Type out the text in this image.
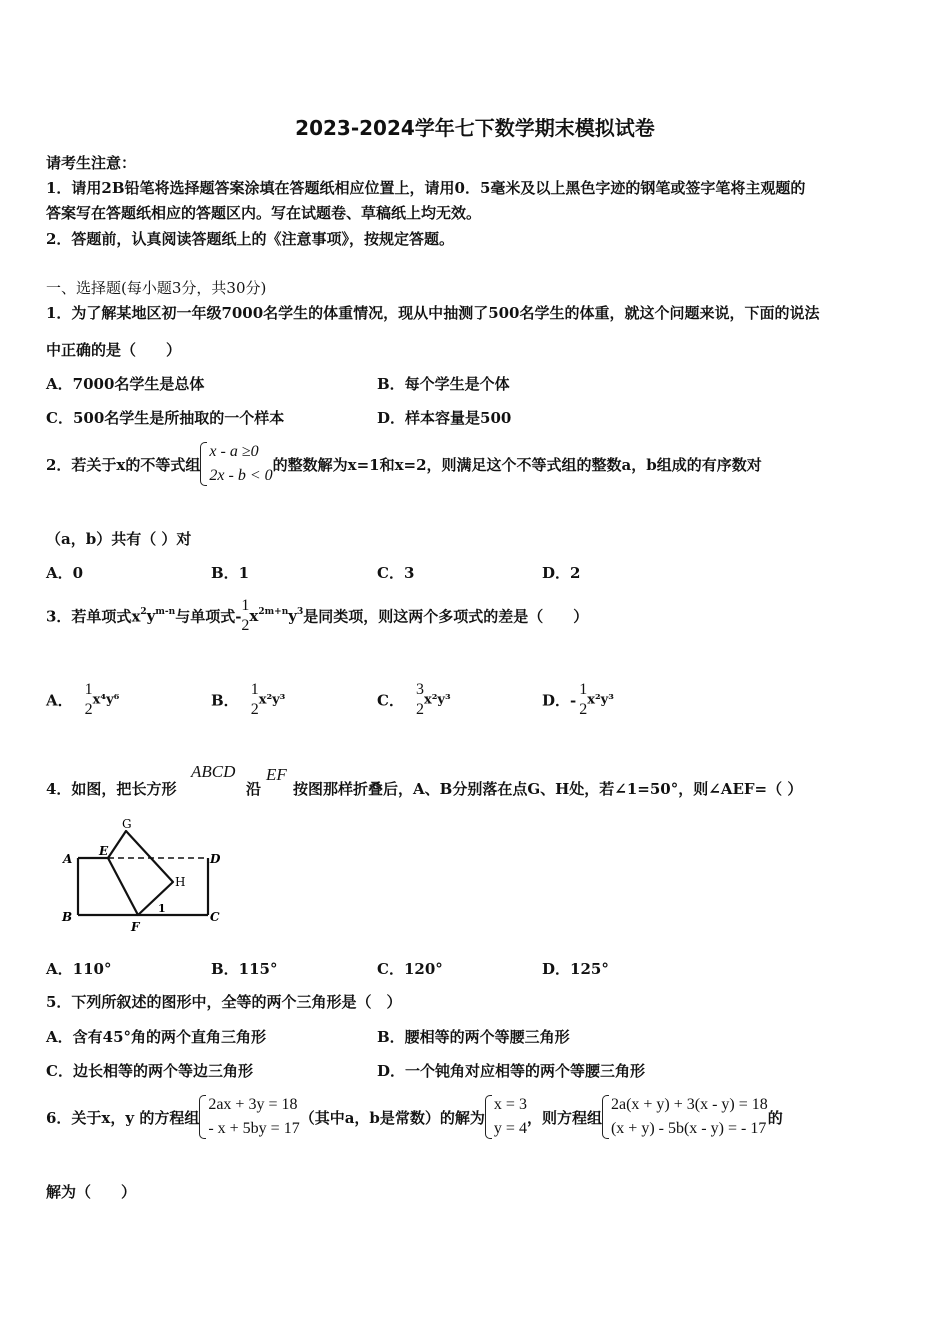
2023-2024学年七下数学期末模拟试卷
请考生注意：
1．请用2B铅笔将选择题答案涂填在答题纸相应位置上，请用0．5毫米及以上黑色字迹的钢笔或签字笔将主观题的
答案写在答题纸相应的答题区内。写在试题卷、草稿纸上均无效。
2．答题前，认真阅读答题纸上的《注意事项》，按规定答题。
一、选择题(每小题3分，共30分)
1．为了解某地区初一年级7000名学生的体重情况，现从中抽测了500名学生的体重，就这个问题来说，下面的说法
中正确的是（　　）
A．7000名学生是总体	B．每个学生是个体
C．500名学生是所抽取的一个样本	D．样本容量是500
2．若关于x的不等式组
x - a ≥0
2x - b < 0
的整数解为x=1和x=2，则满足这个不等式组的整数a，b组成的有序数对
（a，b）共有（ ）对
A．0	B．1	C．3	D．2
3．若单项式$x^2y^{m-n}$与单项式-
1
2
$x^{2m+n}y^3$是同类项，则这两个多项式的差是（　　）
A．
1
2
x⁴y⁶	B．
1
2
x²y³	C．
3
2
x²y³	D．-
1
2
x²y³
4．如图，把长方形
ABCD
沿
EF
按图那样折叠后，A、B分别落在点G、H处，若∠1=50°，则∠AEF=（ ）
A
B	C
D
E
F
G
H
1
A．110°	B．115°	C．120°	D．125°
5．下列所叙述的图形中，全等的两个三角形是（　）
A．含有45°角的两个直角三角形	B．腰相等的两个等腰三角形
C．边长相等的两个等边三角形	D．一个钝角对应相等的两个等腰三角形
6．关于x，y 的方程组
2ax + 3y = 18
- x + 5by = 17
（其中a，b是常数）的解为
x = 3
y = 4
，则方程组
2a(x + y) + 3(x - y) = 18
(x + y) - 5b(x - y) = - 17
的
解为（　　）
